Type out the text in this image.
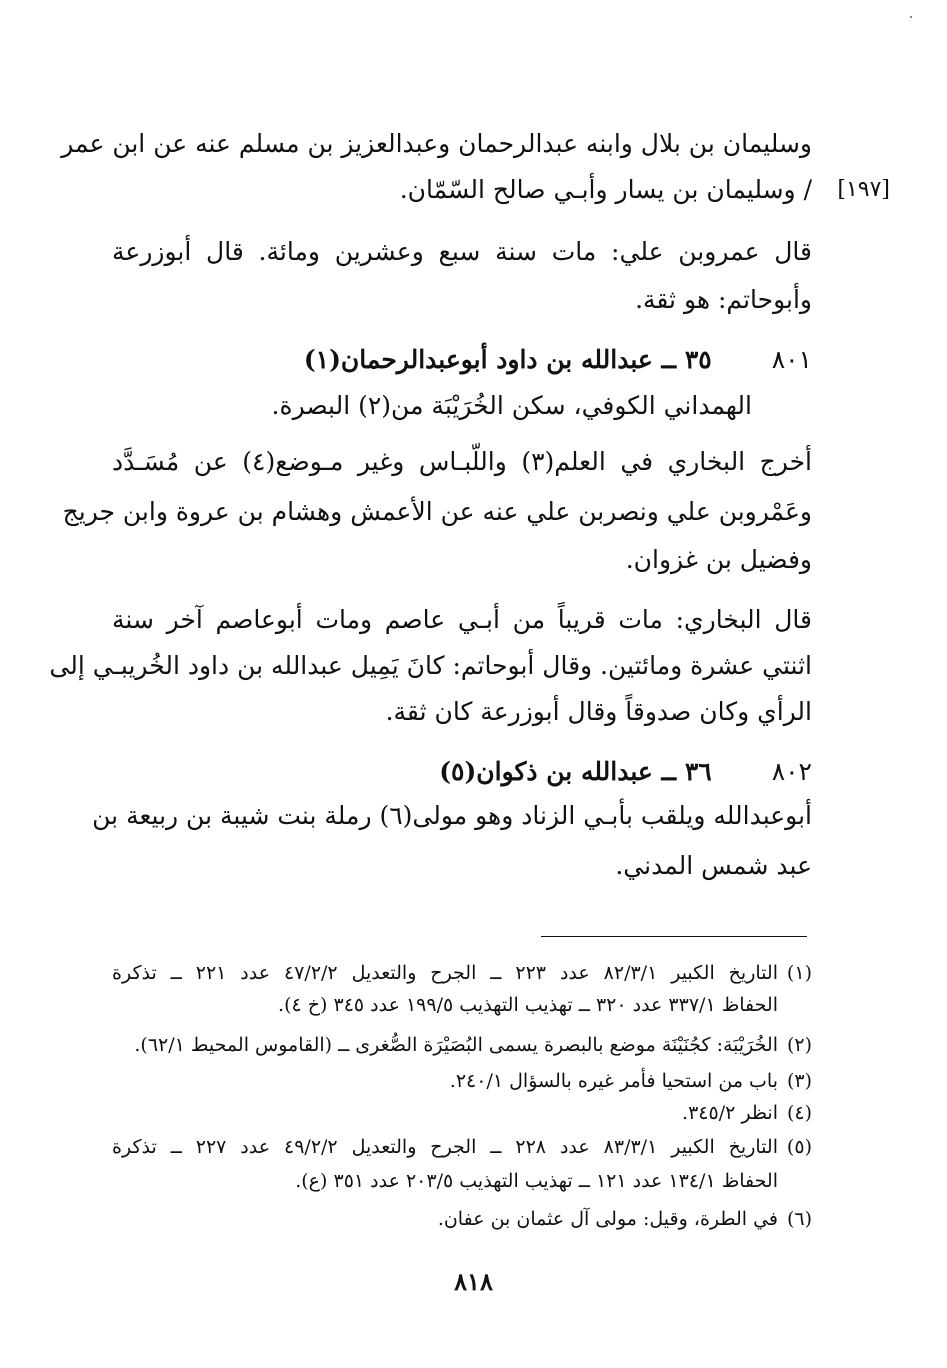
وسليمان بن بلال وابنه عبدالرحمان وعبدالعزيز بن مسلم عنه عن ابن عمر
[١٩٧]
/ وسليمان بن يسار وأبـي صالح السّمّان.
قال عمروبن علي: مات سنة سبع وعشرين ومائة. قال أبوزرعة
وأبوحاتم: هو ثقة.
٨٠١٣٥ ــ عبدالله بن داود أبوعبدالرحمان(١)
الهمداني الكوفي، سكن الخُرَيْبَة من(٢) البصرة.
أخرج البخاري في العلم(٣) واللّبـاس وغير مـوضع(٤) عن مُسَـدَّد
وعَمْروبن علي ونصربن علي عنه عن الأعمش وهشام بن عروة وابن جريج
وفضيل بن غزوان.
قال البخاري: مات قريباً من أبـي عاصم ومات أبوعاصم آخر سنة
اثنتي عشرة ومائتين. وقال أبوحاتم: كانَ يَمِيل عبدالله بن داود الخُريبـي إلى
الرأي وكان صدوقاً وقال أبوزرعة كان ثقة.
٨٠٢٣٦ ــ عبدالله بن ذكوان(٥)
أبوعبدالله ويلقب بأبـي الزناد وهو مولى(٦) رملة بنت شيبة بن ربيعة بن
عبد شمس المدني.
(١)التاريخ الكبير ٨٢/٣/١ عدد ٢٢٣ ــ الجرح والتعديل ٤٧/٢/٢ عدد ٢٢١ ــ تذكرة
الحفاظ ٣٣٧/١ عدد ٣٢٠ ــ تهذيب التهذيب ١٩٩/٥ عدد ٣٤٥ (خ ٤).
(٢)الخُرَيْبَة: كجُنَيْنَة موضع بالبصرة يسمى البُصَيْرَة الصُّغرى ــ (القاموس المحيط ٦٢/١).
(٣)باب من استحيا فأمر غيره بالسؤال ٢٤٠/١.
(٤)انظر ٣٤٥/٢.
(٥)التاريخ الكبير ٨٣/٣/١ عدد ٢٢٨ ــ الجرح والتعديل ٤٩/٢/٢ عدد ٢٢٧ ــ تذكرة
الحفاظ ١٣٤/١ عدد ١٢١ ــ تهذيب التهذيب ٢٠٣/٥ عدد ٣٥١ (ع).
(٦)في الطرة، وقيل: مولى آل عثمان بن عفان.
٨١٨
